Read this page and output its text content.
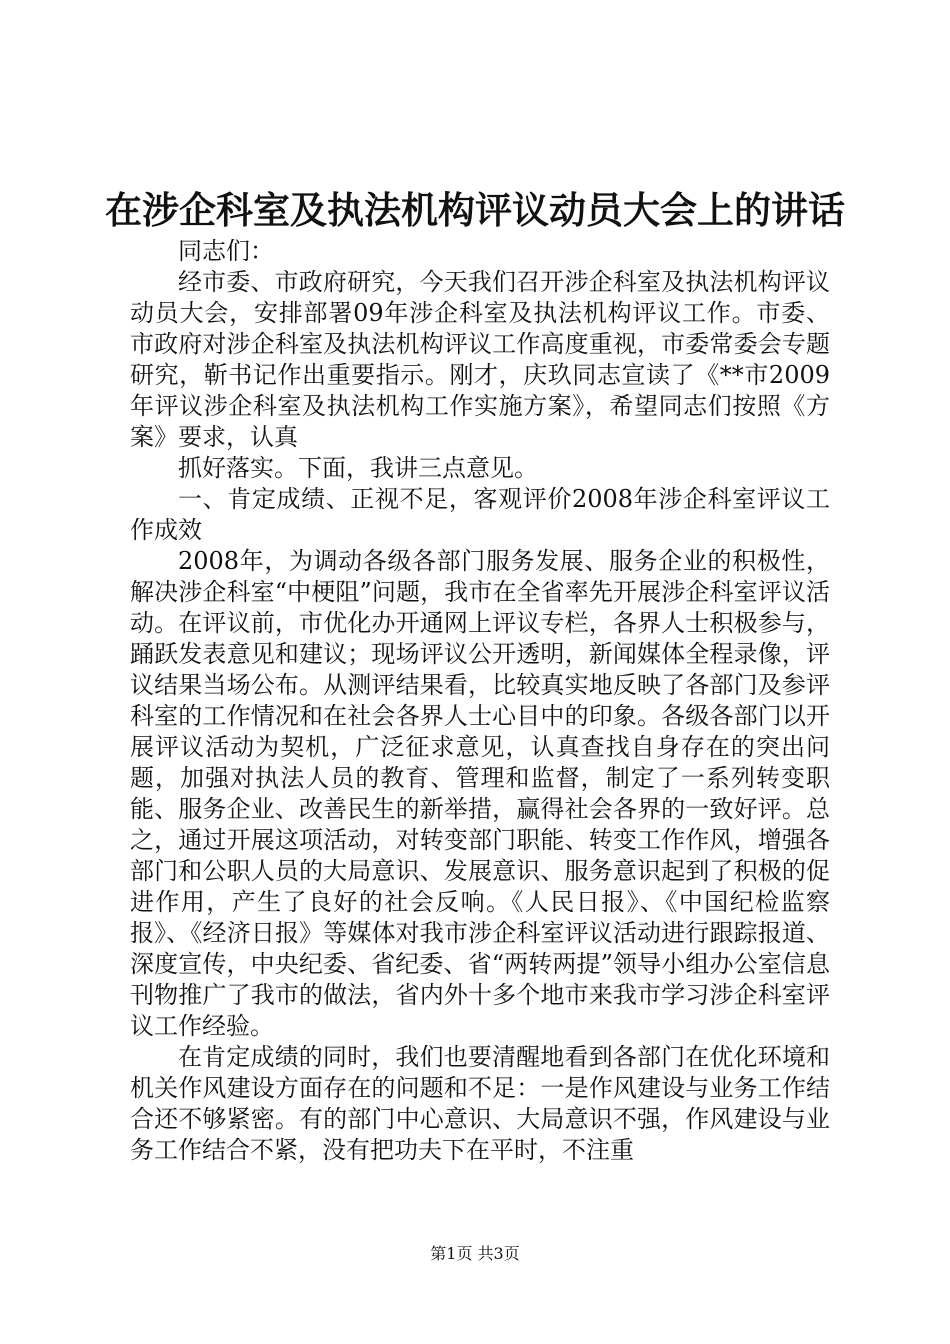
在涉企科室及执法机构评议动员大会上的讲话

同志们：

经市委、市政府研究，今天我们召开涉企科室及执法机构评议动员大会，安排部署09年涉企科室及执法机构评议工作。市委、市政府对涉企科室及执法机构评议工作高度重视，市委常委会专题研究，靳书记作出重要指示。刚才，庆玖同志宣读了《**市2009年评议涉企科室及执法机构工作实施方案》，希望同志们按照《方案》要求，认真

抓好落实。下面，我讲三点意见。

一、肯定成绩、正视不足，客观评价2008年涉企科室评议工作成效

2008年，为调动各级各部门服务发展、服务企业的积极性，解决涉企科室“中梗阻”问题，我市在全省率先开展涉企科室评议活动。在评议前，市优化办开通网上评议专栏，各界人士积极参与，踊跃发表意见和建议；现场评议公开透明，新闻媒体全程录像，评议结果当场公布。从测评结果看，比较真实地反映了各部门及参评科室的工作情况和在社会各界人士心目中的印象。各级各部门以开展评议活动为契机，广泛征求意见，认真查找自身存在的突出问题，加强对执法人员的教育、管理和监督，制定了一系列转变职能、服务企业、改善民生的新举措，赢得社会各界的一致好评。总之，通过开展这项活动，对转变部门职能、转变工作作风，增强各部门和公职人员的大局意识、发展意识、服务意识起到了积极的促进作用，产生了良好的社会反响。《人民日报》、《中国纪检监察报》、《经济日报》等媒体对我市涉企科室评议活动进行跟踪报道、深度宣传，中央纪委、省纪委、省“两转两提”领导小组办公室信息刊物推广了我市的做法，省内外十多个地市来我市学习涉企科室评议工作经验。

在肯定成绩的同时，我们也要清醒地看到各部门在优化环境和机关作风建设方面存在的问题和不足：一是作风建设与业务工作结合还不够紧密。有的部门中心意识、大局意识不强，作风建设与业务工作结合不紧，没有把功夫下在平时，不注重

第1页 共3页
